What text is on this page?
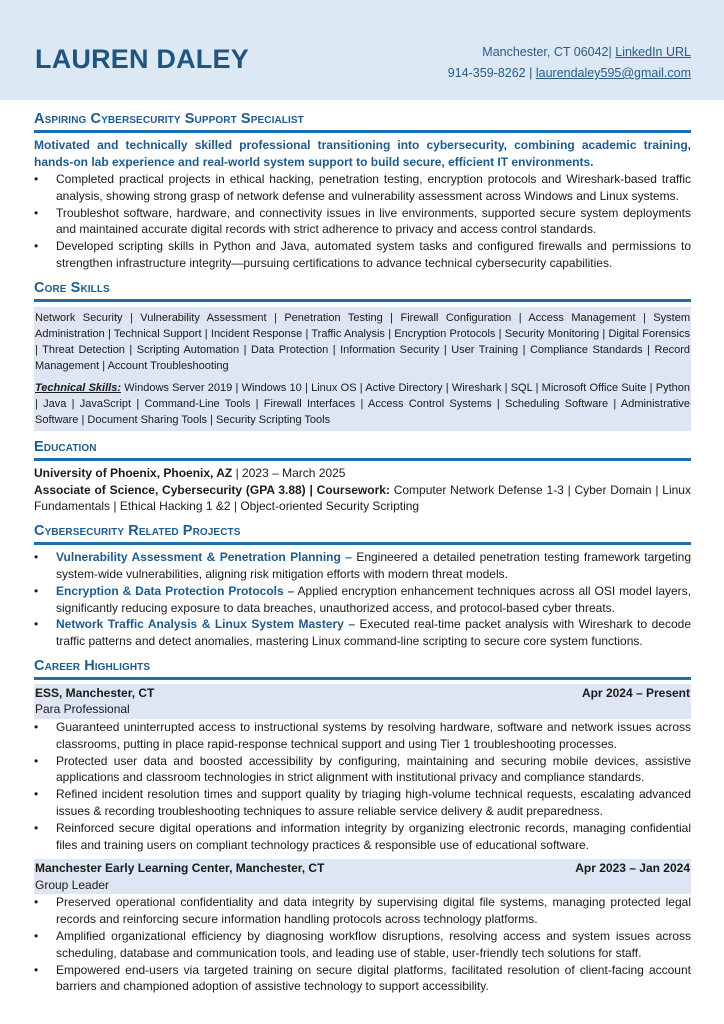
LAUREN DALEY	Manchester, CT 06042| LinkedIn URL
914-359-8262 | laurendaley595@gmail.com
Aspiring Cybersecurity Support Specialist
Motivated and technically skilled professional transitioning into cybersecurity, combining academic training, hands-on lab experience and real-world system support to build secure, efficient IT environments.
• Completed practical projects in ethical hacking, penetration testing, encryption protocols and Wireshark-based traffic analysis, showing strong grasp of network defense and vulnerability assessment across Windows and Linux systems.
• Troubleshot software, hardware, and connectivity issues in live environments, supported secure system deployments and maintained accurate digital records with strict adherence to privacy and access control standards.
• Developed scripting skills in Python and Java, automated system tasks and configured firewalls and permissions to strengthen infrastructure integrity—pursuing certifications to advance technical cybersecurity capabilities.
Core Skills

Network Security | Vulnerability Assessment | Penetration Testing | Firewall Configuration | Access Management | System Administration | Technical Support | Incident Response | Traffic Analysis | Encryption Protocols | Security Monitoring | Digital Forensics | Threat Detection | Scripting Automation | Data Protection | Information Security | User Training | Compliance Standards | Record Management | Account Troubleshooting

Technical Skills: Windows Server 2019 | Windows 10 | Linux OS | Active Directory | Wireshark | SQL | Microsoft Office Suite | Python | Java | JavaScript | Command-Line Tools | Firewall Interfaces | Access Control Systems | Scheduling Software | Administrative Software | Document Sharing Tools | Security Scripting Tools

Education
University of Phoenix, Phoenix, AZ | 2023 – March 2025
Associate of Science, Cybersecurity (GPA 3.88) | Coursework: Computer Network Defense 1-3 | Cyber Domain | Linux Fundamentals | Ethical Hacking 1 &2 | Object-oriented Security Scripting
Cybersecurity Related Projects
• Vulnerability Assessment & Penetration Planning – Engineered a detailed penetration testing framework targeting system-wide vulnerabilities, aligning risk mitigation efforts with modern threat models.
• Encryption & Data Protection Protocols – Applied encryption enhancement techniques across all OSI model layers, significantly reducing exposure to data breaches, unauthorized access, and protocol-based cyber threats.
• Network Traffic Analysis & Linux System Mastery – Executed real-time packet analysis with Wireshark to decode traffic patterns and detect anomalies, mastering Linux command-line scripting to secure core system functions.
Career Highlights
ESS, Manchester, CT	Apr 2024 – Present
Para Professional
• Guaranteed uninterrupted access to instructional systems by resolving hardware, software and network issues across classrooms, putting in place rapid-response technical support and using Tier 1 troubleshooting processes.
• Protected user data and boosted accessibility by configuring, maintaining and securing mobile devices, assistive applications and classroom technologies in strict alignment with institutional privacy and compliance standards.
• Refined incident resolution times and support quality by triaging high-volume technical requests, escalating advanced issues & recording troubleshooting techniques to assure reliable service delivery & audit preparedness.
• Reinforced secure digital operations and information integrity by organizing electronic records, managing confidential files and training users on compliant technology practices & responsible use of educational software.
Manchester Early Learning Center, Manchester, CT	Apr 2023 – Jan 2024
Group Leader
• Preserved operational confidentiality and data integrity by supervising digital file systems, managing protected legal records and reinforcing secure information handling protocols across technology platforms.
• Amplified organizational efficiency by diagnosing workflow disruptions, resolving access and system issues across scheduling, database and communication tools, and leading use of stable, user-friendly tech solutions for staff.
• Empowered end-users via targeted training on secure digital platforms, facilitated resolution of client-facing account barriers and championed adoption of assistive technology to support accessibility.
